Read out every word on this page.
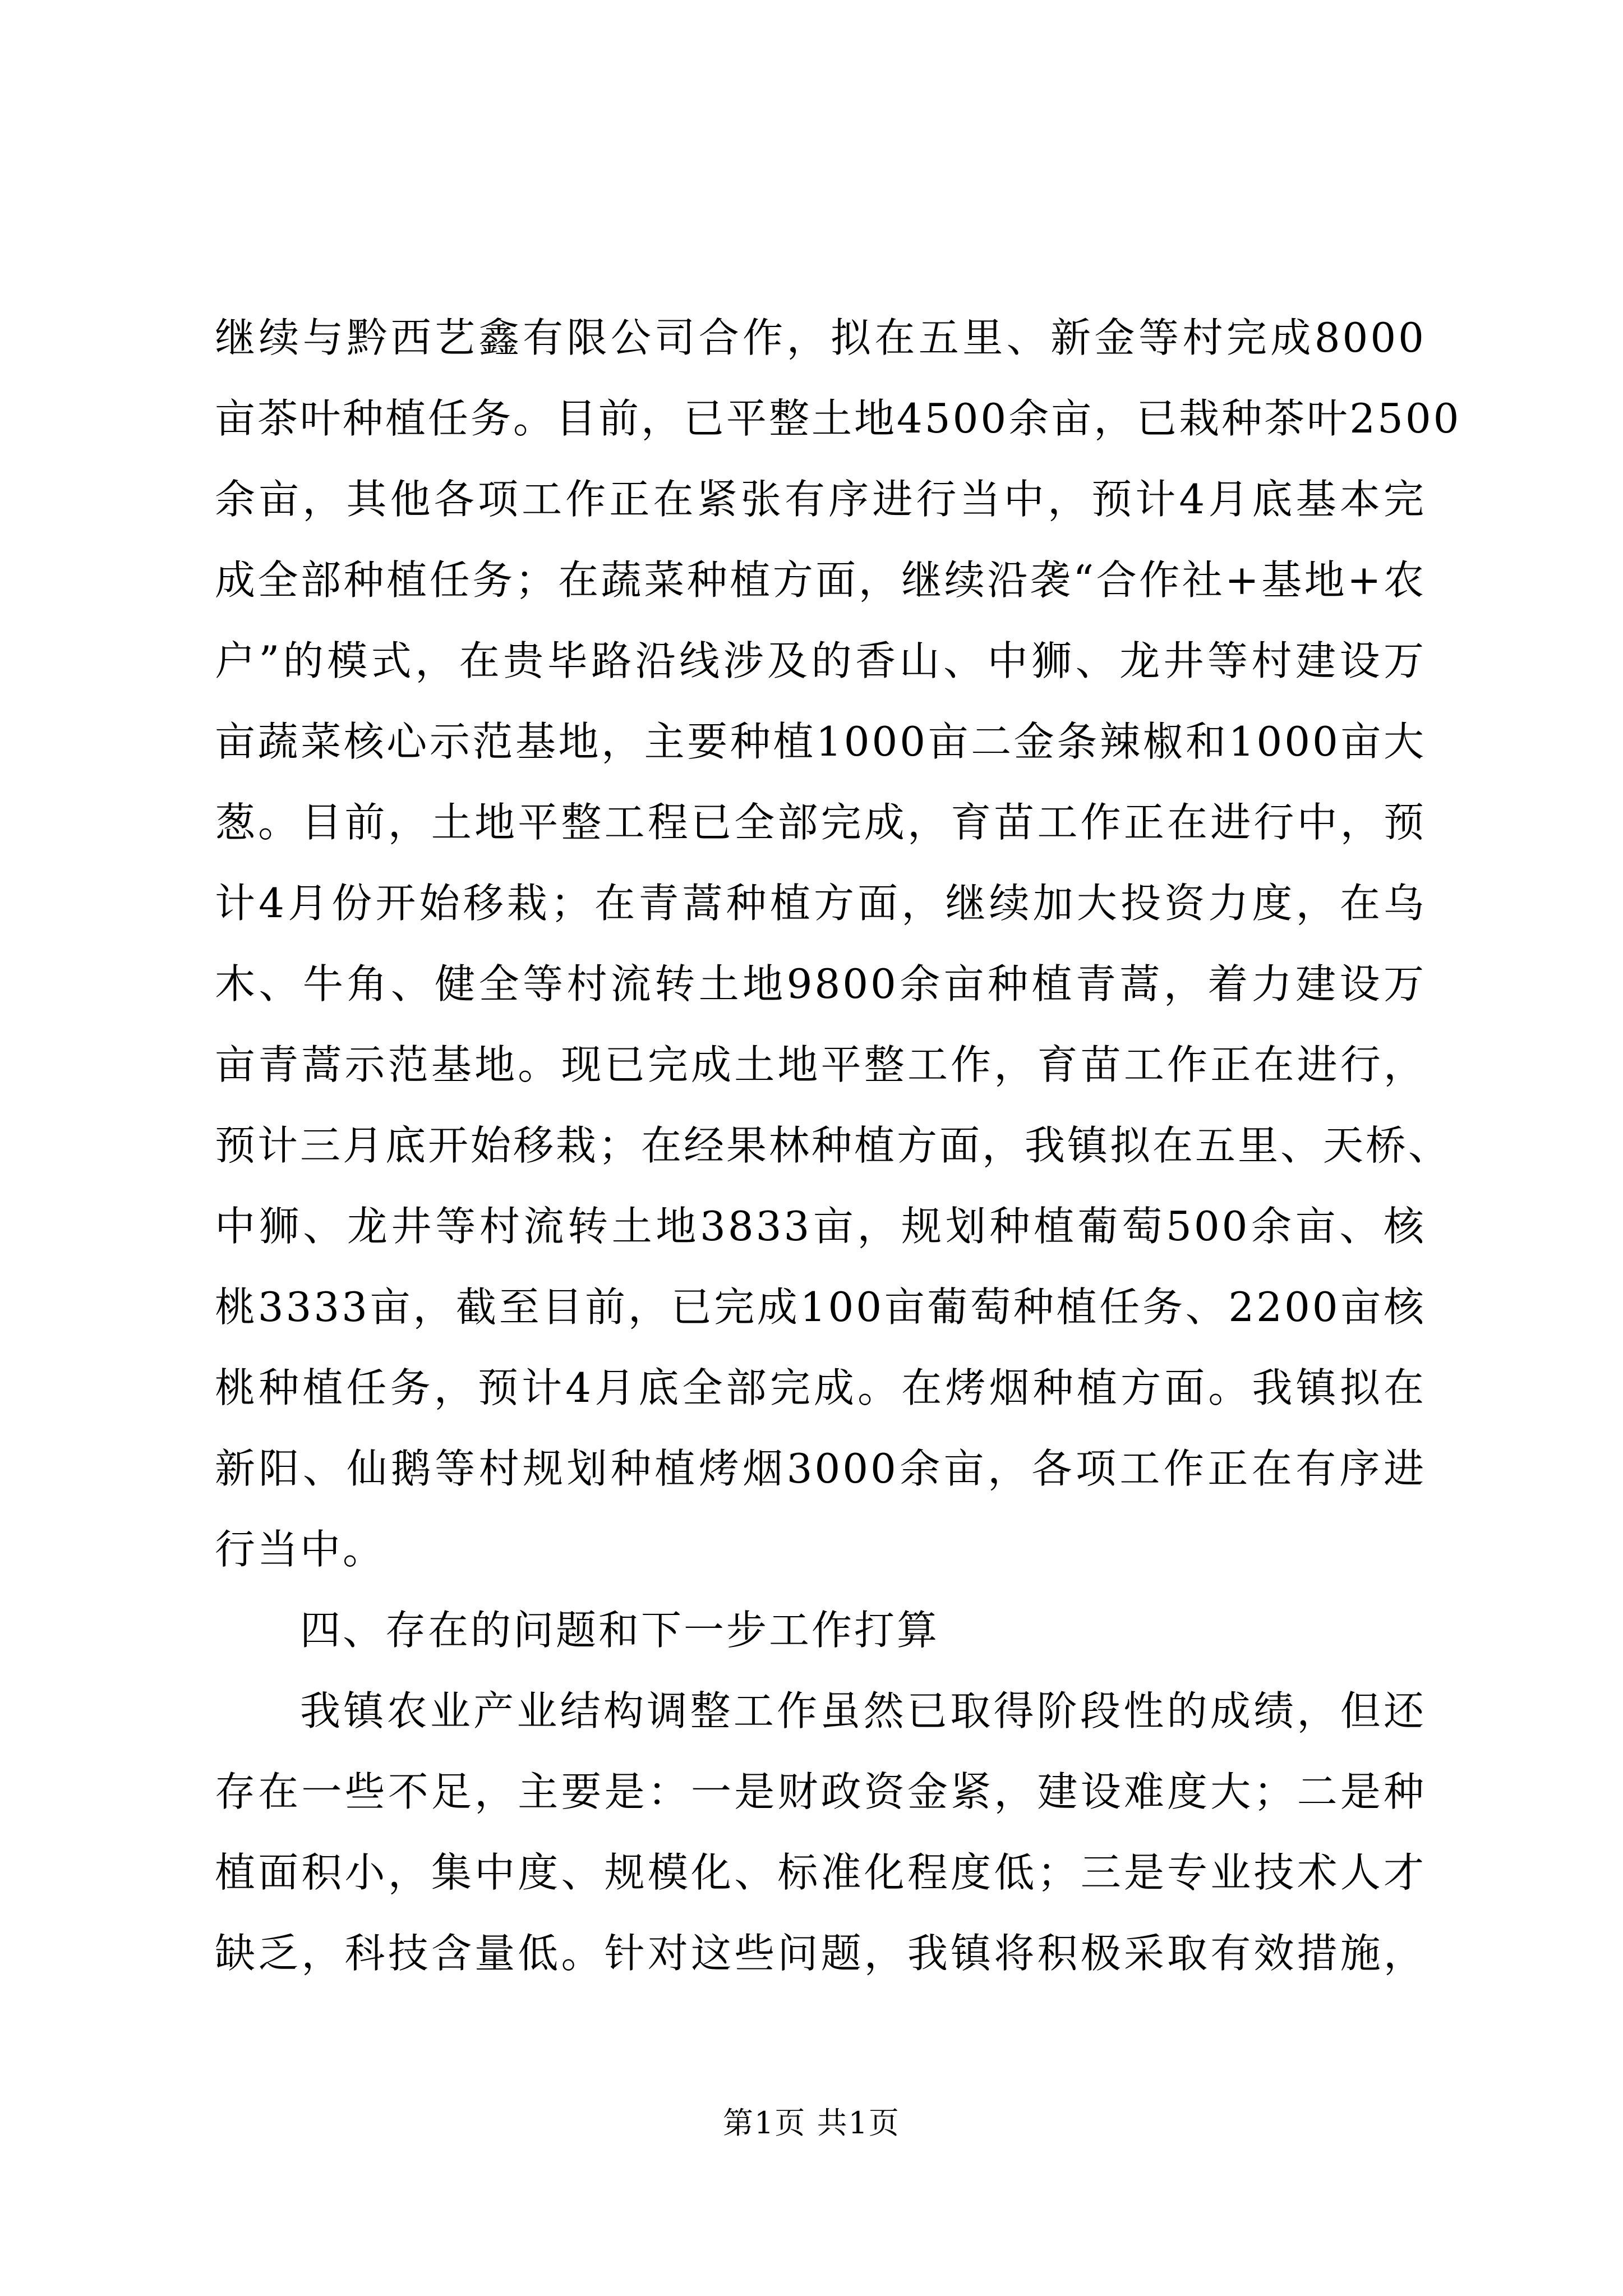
继续与黔西艺鑫有限公司合作，拟在五里、新金等村完成8000
亩茶叶种植任务。目前，已平整土地4500余亩，已栽种茶叶2500
余亩，其他各项工作正在紧张有序进行当中，预计4月底基本完
成全部种植任务；在蔬菜种植方面，继续沿袭“合作社+基地+农
户”的模式，在贵毕路沿线涉及的香山、中狮、龙井等村建设万
亩蔬菜核心示范基地，主要种植1000亩二金条辣椒和1000亩大
葱。目前，土地平整工程已全部完成，育苗工作正在进行中，预
计4月份开始移栽；在青蒿种植方面，继续加大投资力度，在乌
木、牛角、健全等村流转土地9800余亩种植青蒿，着力建设万
亩青蒿示范基地。现已完成土地平整工作，育苗工作正在进行，
预计三月底开始移栽；在经果林种植方面，我镇拟在五里、天桥、
中狮、龙井等村流转土地3833亩，规划种植葡萄500余亩、核
桃3333亩，截至目前，已完成100亩葡萄种植任务、2200亩核
桃种植任务，预计4月底全部完成。在烤烟种植方面。我镇拟在
新阳、仙鹅等村规划种植烤烟3000余亩，各项工作正在有序进
行当中。
四、存在的问题和下一步工作打算
我镇农业产业结构调整工作虽然已取得阶段性的成绩，但还
存在一些不足，主要是：一是财政资金紧，建设难度大；二是种
植面积小，集中度、规模化、标准化程度低；三是专业技术人才
缺乏，科技含量低。针对这些问题，我镇将积极采取有效措施，
第1页 共1页
